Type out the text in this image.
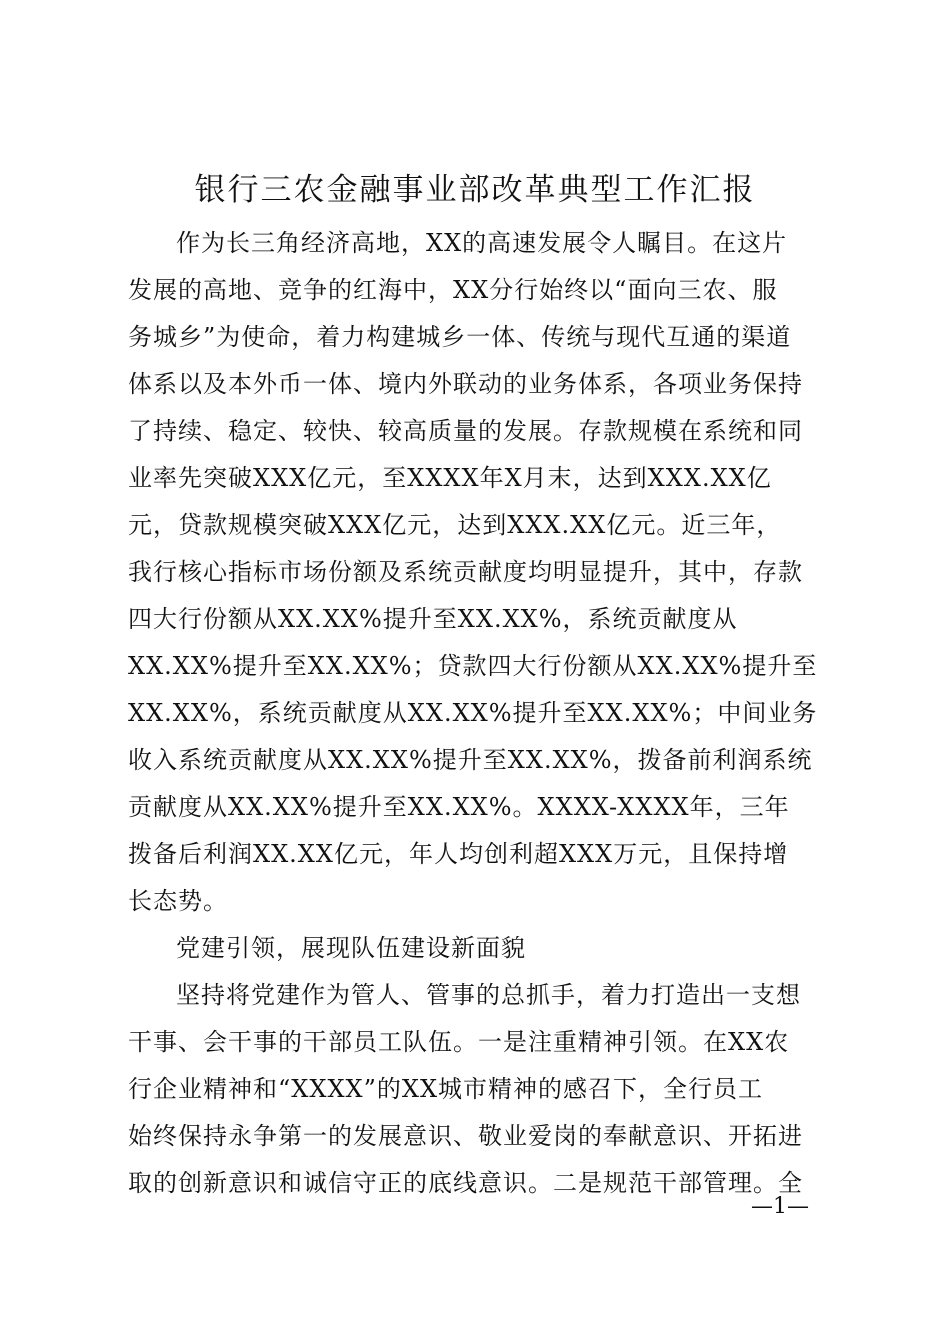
银行三农金融事业部改革典型工作汇报
作为长三角经济高地，XX的高速发展令人瞩目。在这片
发展的高地、竞争的红海中，XX分行始终以“面向三农、服
务城乡”为使命，着力构建城乡一体、传统与现代互通的渠道
体系以及本外币一体、境内外联动的业务体系，各项业务保持
了持续、稳定、较快、较高质量的发展。存款规模在系统和同
业率先突破XXX亿元，至XXXX年X月末，达到XXX.XX亿
元，贷款规模突破XXX亿元，达到XXX.XX亿元。近三年，
我行核心指标市场份额及系统贡献度均明显提升，其中，存款
四大行份额从XX.XX%提升至XX.XX%，系统贡献度从
XX.XX%提升至XX.XX%；贷款四大行份额从XX.XX%提升至
XX.XX%，系统贡献度从XX.XX%提升至XX.XX%；中间业务
收入系统贡献度从XX.XX%提升至XX.XX%，拨备前利润系统
贡献度从XX.XX%提升至XX.XX%。XXXX-XXXX年，三年
拨备后利润XX.XX亿元，年人均创利超XXX万元，且保持增
长态势。
党建引领，展现队伍建设新面貌
坚持将党建作为管人、管事的总抓手，着力打造出一支想
干事、会干事的干部员工队伍。一是注重精神引领。在XX农
行企业精神和“XXXX”的XX城市精神的感召下，全行员工
始终保持永争第一的发展意识、敬业爱岗的奉献意识、开拓进
取的创新意识和诚信守正的底线意识。二是规范干部管理。全
—1—
